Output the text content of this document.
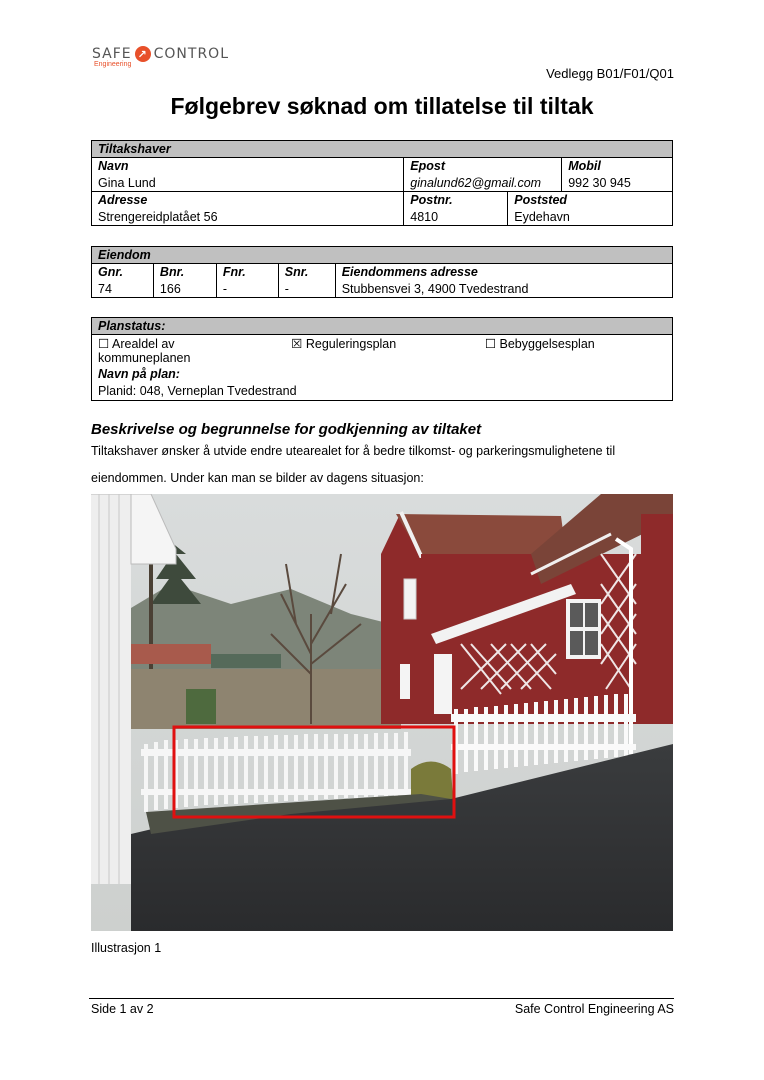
SAFE ↗ CONTROL
Engineering
Vedlegg B01/F01/Q01
Følgebrev søknad om tillatelse til tiltak
Tiltakshaver			
Navn	Epost		Mobil
Gina Lund	ginalund62@gmail.com		992 30 945
Adresse	Postnr.	Poststed	
Strengereidplatået 56	4810	Eydehavn	
Eiendom				
Gnr.	Bnr.	Fnr.	Snr.	Eiendommens adresse
74	166	-	-	Stubbensvei 3, 4900 Tvedestrand
Planstatus:
☐ Arealdel av
kommuneplanen	☒ Reguleringsplan	☐ Bebyggelsesplan
Navn på plan:
Planid: 048, Verneplan Tvedestrand
Beskrivelse og begrunnelse for godkjenning av tiltaket
Tiltakshaver ønsker å utvide endre utearealet for å bedre tilkomst- og parkeringsmulighetene til
eiendommen. Under kan man se bilder av dagens situasjon:
Illustrasjon 1
Side 1 av 2	Safe Control Engineering AS
